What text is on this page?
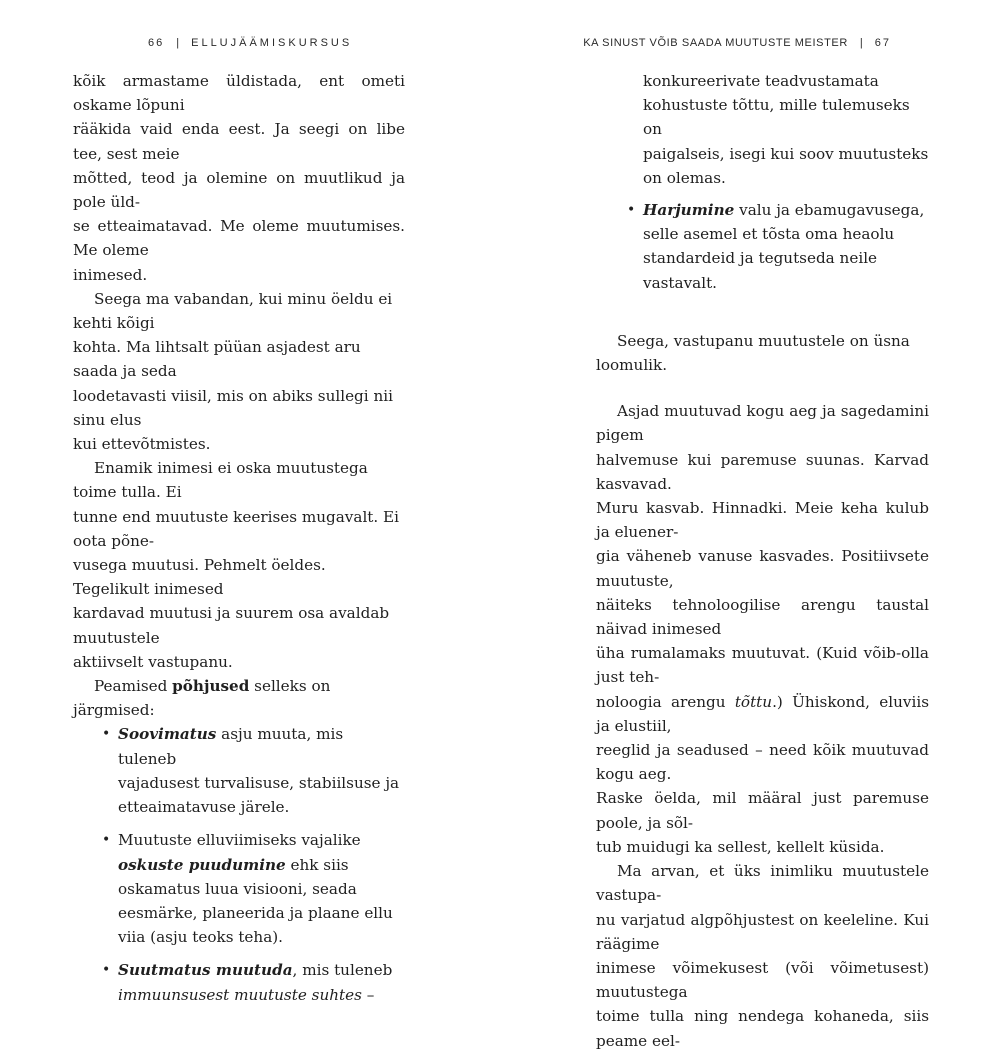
66 | ELLUJÄÄMISKURSUS

kõik armastame üldistada, ent ometi oskame lõpuni
rääkida vaid enda eest. Ja seegi on libe tee, sest meie
mõtted, teod ja olemine on muutlikud ja pole üld-
se etteaimatavad. Me oleme muutumises. Me oleme
inimesed.

Seega ma vabandan, kui minu öeldu ei kehti kõigi
kohta. Ma lihtsalt püüan asjadest aru saada ja seda
loodetavasti viisil, mis on abiks sullegi nii sinu elus
kui ettevõtmistes.

Enamik inimesi ei oska muutustega toime tulla. Ei
tunne end muutuste keerises mugavalt. Ei oota põne-
vusega muutusi. Pehmelt öeldes. Tegelikult inimesed
kardavad muutusi ja suurem osa avaldab muutustele
aktiivselt vastupanu.

Peamised põhjused selleks on järgmised:

• Soovimatus asju muuta, mis tuleneb
vajadusest turvalisuse, stabiilsuse ja
etteaimatavuse järele.
• Muutuste elluviimiseks vajalike
oskuste puudumine ehk siis
oskamatus luua visiooni, seada
eesmärke, planeerida ja plaane ellu
viia (asju teoks teha).
• Suutmatus muutuda, mis tuleneb
immuunsusest muutuste suhtes –
KA SINUST VÕIB SAADA MUUTUSTE MEISTER | 67
konkureerivate teadvustamata
kohustuste tõttu, mille tulemuseks on
paigalseis, isegi kui soov muutusteks
on olemas.
• Harjumine valu ja ebamugavusega,
selle asemel et tõsta oma heaolu
standardeid ja tegutseda neile
vastavalt.

Seega, vastupanu muutustele on üsna loomulik.

Asjad muutuvad kogu aeg ja sagedamini pigem
halvemuse kui paremuse suunas. Karvad kasvavad.
Muru kasvab. Hinnadki. Meie keha kulub ja eluener-
gia väheneb vanuse kasvades. Positiivsete muutuste,
näiteks tehnoloogilise arengu taustal näivad inimesed
üha rumalamaks muutuvat. (Kuid võib-olla just teh-
noloogia arengu tõttu.) Ühiskond, eluviis ja elustiil,
reeglid ja seadused – need kõik muutuvad kogu aeg.
Raske öelda, mil määral just paremuse poole, ja sõl-
tub muidugi ka sellest, kellelt küsida.

Ma arvan, et üks inimliku muutustele vastupa-
nu varjatud algpõhjustest on keeleline. Kui räägime
inimese võimekusest (või võimetusest) muutustega
toime tulla ning nendega kohaneda, siis peame eel-
